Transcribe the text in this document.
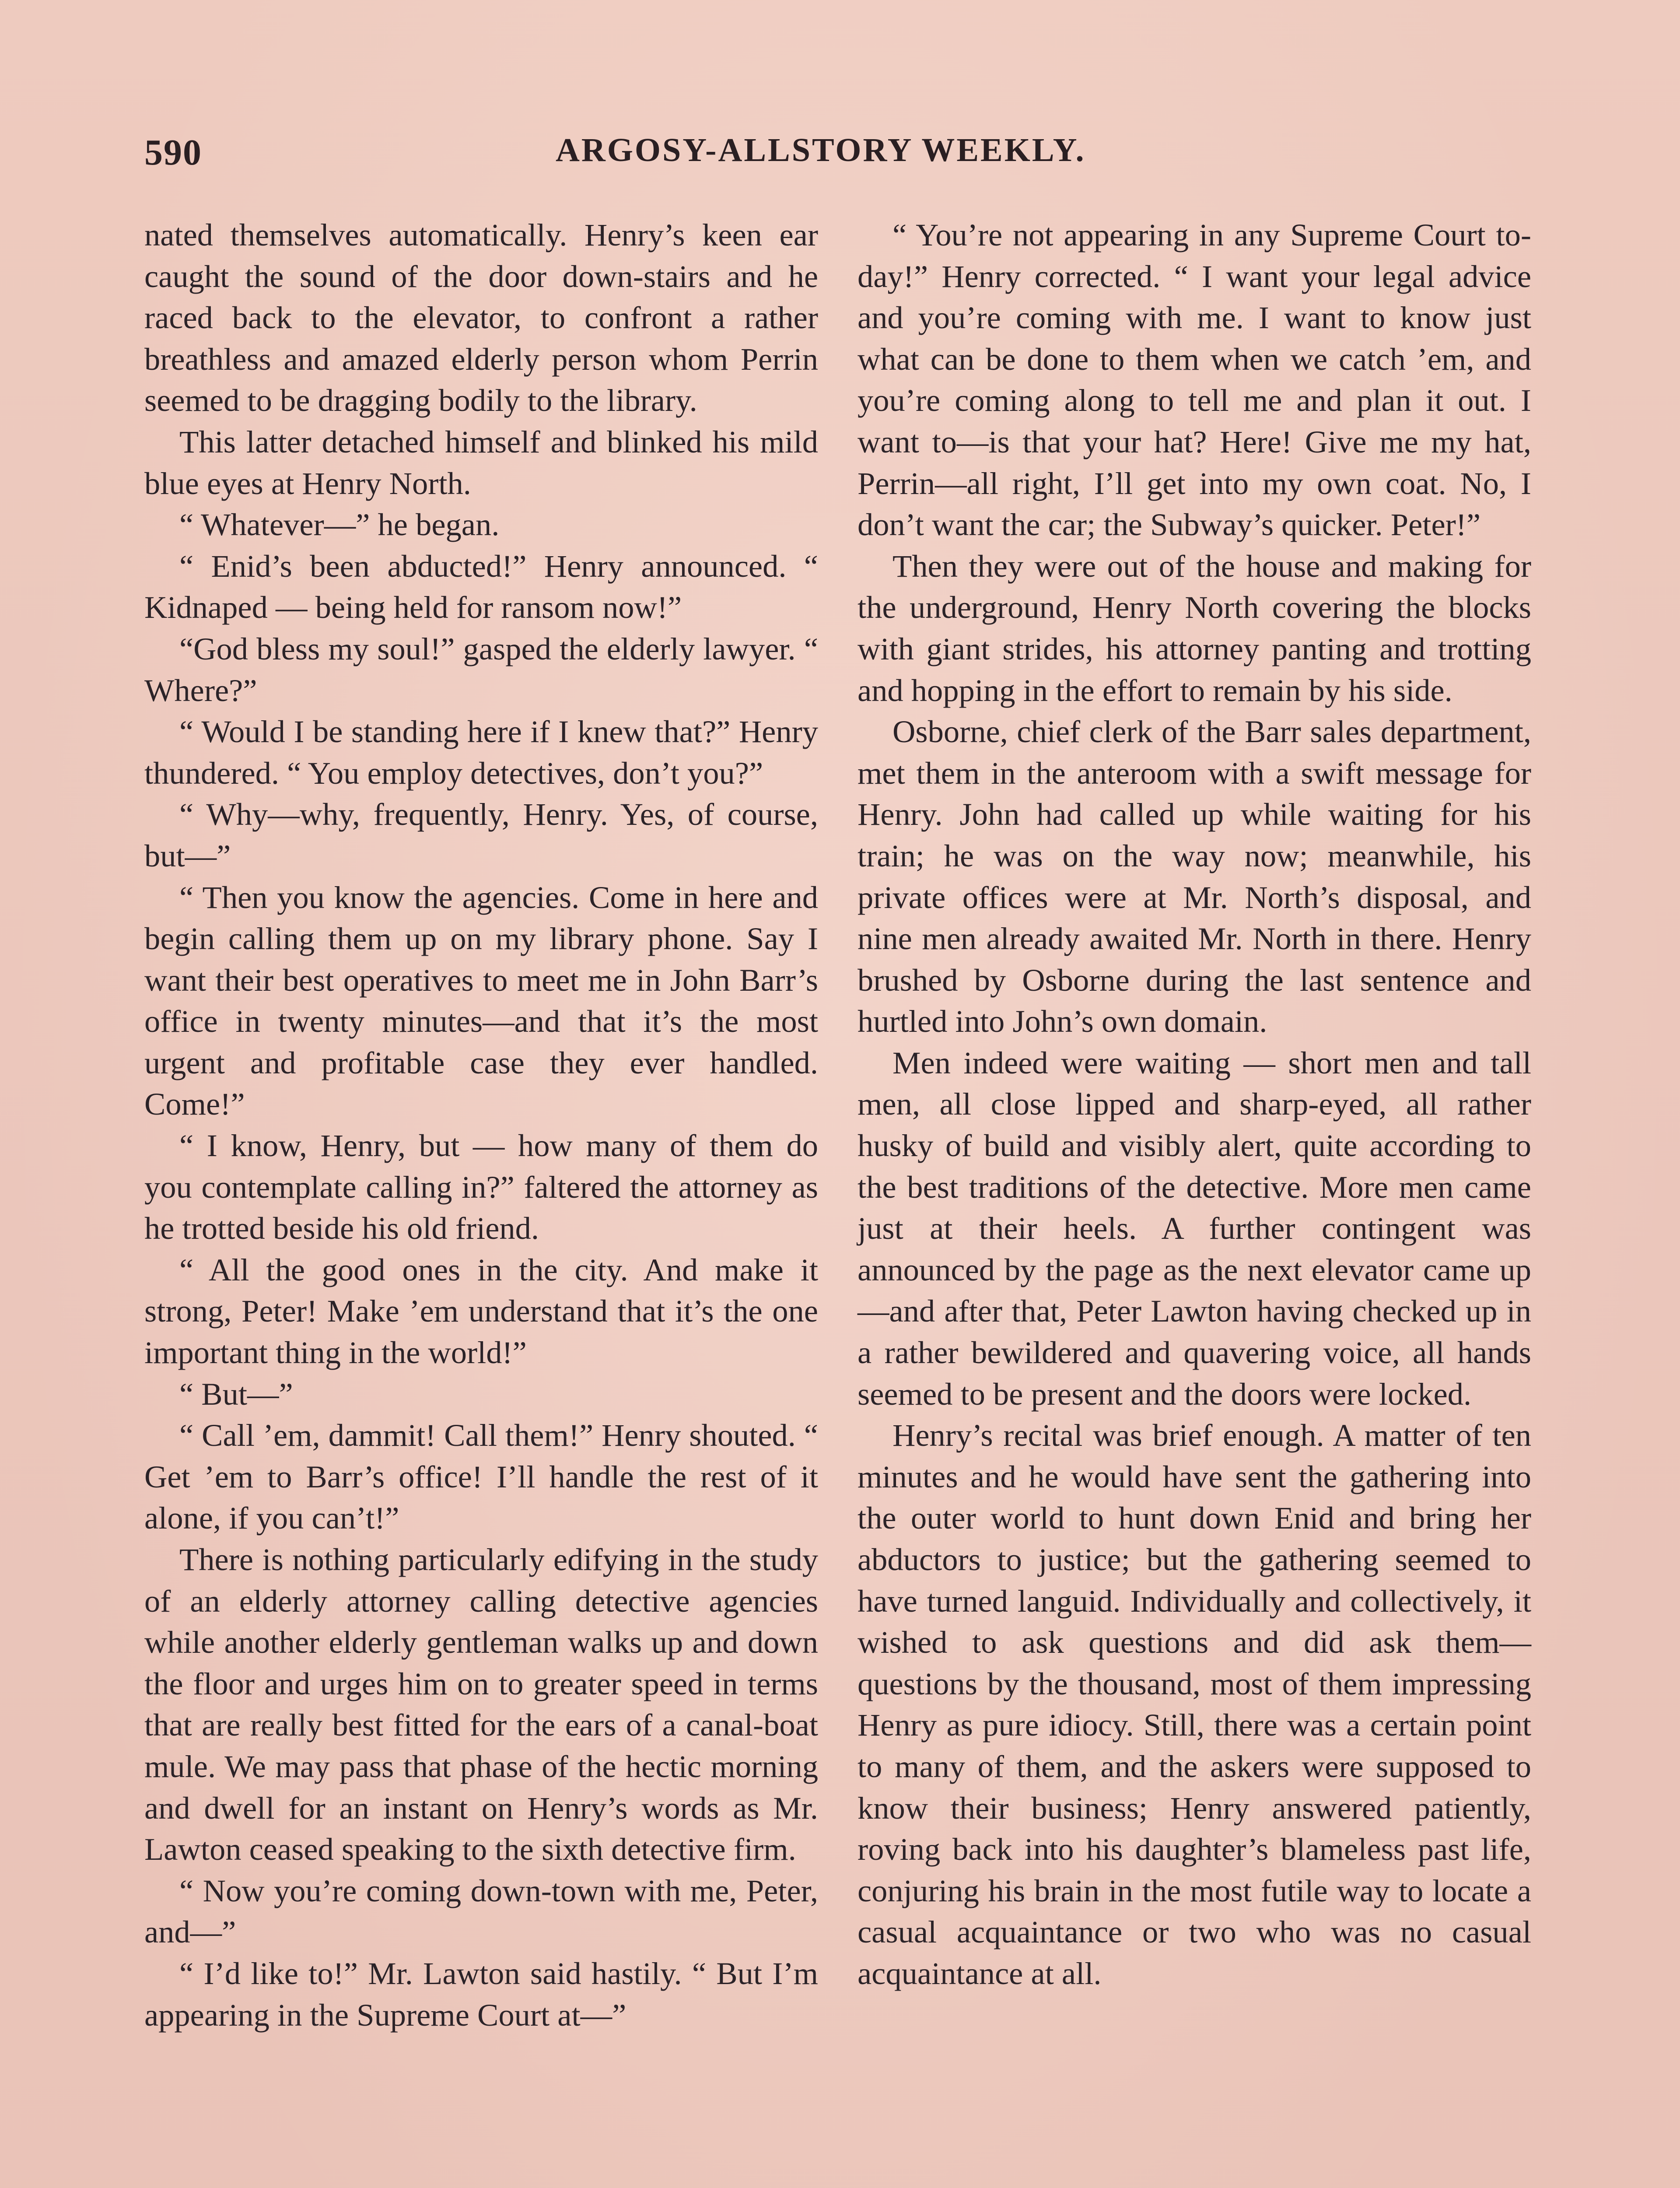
590	ARGOSY-ALLSTORY WEEKLY.

nated themselves automatically. Henry’s keen ear caught the sound of the door down-stairs and he raced back to the elevator, to confront a rather breathless and amazed elderly person whom Perrin seemed to be dragging bodily to the library.

This latter detached himself and blinked his mild blue eyes at Henry North.

“ Whatever—” he began.

“ Enid’s been abducted!” Henry announced. “ Kidnaped — being held for ransom now!”

“God bless my soul!” gasped the elderly lawyer. “ Where?”

“ Would I be standing here if I knew that?” Henry thundered. “ You employ detectives, don’t you?”

“ Why—why, frequently, Henry. Yes, of course, but—”

“ Then you know the agencies. Come in here and begin calling them up on my library phone. Say I want their best operatives to meet me in John Barr’s office in twenty minutes—and that it’s the most urgent and profitable case they ever handled. Come!”

“ I know, Henry, but — how many of them do you contemplate calling in?” faltered the attorney as he trotted beside his old friend.

“ All the good ones in the city. And make it strong, Peter! Make ’em understand that it’s the one important thing in the world!”

“ But—”

“ Call ’em, dammit! Call them!” Henry shouted. “ Get ’em to Barr’s office! I’ll handle the rest of it alone, if you can’t!”

There is nothing particularly edifying in the study of an elderly attorney calling detective agencies while another elderly gentleman walks up and down the floor and urges him on to greater speed in terms that are really best fitted for the ears of a canal-boat mule. We may pass that phase of the hectic morning and dwell for an instant on Henry’s words as Mr. Lawton ceased speaking to the sixth detective firm.

“ Now you’re coming down-town with me, Peter, and—”

“ I’d like to!” Mr. Lawton said hastily. “ But I’m appearing in the Supreme Court at—”

“ You’re not appearing in any Supreme Court to-day!” Henry corrected. “ I want your legal advice and you’re coming with me. I want to know just what can be done to them when we catch ’em, and you’re coming along to tell me and plan it out. I want to—is that your hat? Here! Give me my hat, Perrin—all right, I’ll get into my own coat. No, I don’t want the car; the Subway’s quicker. Peter!”

Then they were out of the house and making for the underground, Henry North covering the blocks with giant strides, his attorney panting and trotting and hopping in the effort to remain by his side.

Osborne, chief clerk of the Barr sales department, met them in the anteroom with a swift message for Henry. John had called up while waiting for his train; he was on the way now; meanwhile, his private offices were at Mr. North’s disposal, and nine men already awaited Mr. North in there. Henry brushed by Osborne during the last sentence and hurtled into John’s own domain.

Men indeed were waiting — short men and tall men, all close lipped and sharp-eyed, all rather husky of build and visibly alert, quite according to the best traditions of the detective. More men came just at their heels. A further contingent was announced by the page as the next elevator came up—and after that, Peter Lawton having checked up in a rather bewildered and quavering voice, all hands seemed to be present and the doors were locked.

Henry’s recital was brief enough. A matter of ten minutes and he would have sent the gathering into the outer world to hunt down Enid and bring her abductors to justice; but the gathering seemed to have turned languid. Individually and collectively, it wished to ask questions and did ask them—questions by the thousand, most of them impressing Henry as pure idiocy. Still, there was a certain point to many of them, and the askers were supposed to know their business; Henry answered patiently, roving back into his daughter’s blameless past life, conjuring his brain in the most futile way to locate a casual acquaintance or two who was no casual acquaintance at all.
